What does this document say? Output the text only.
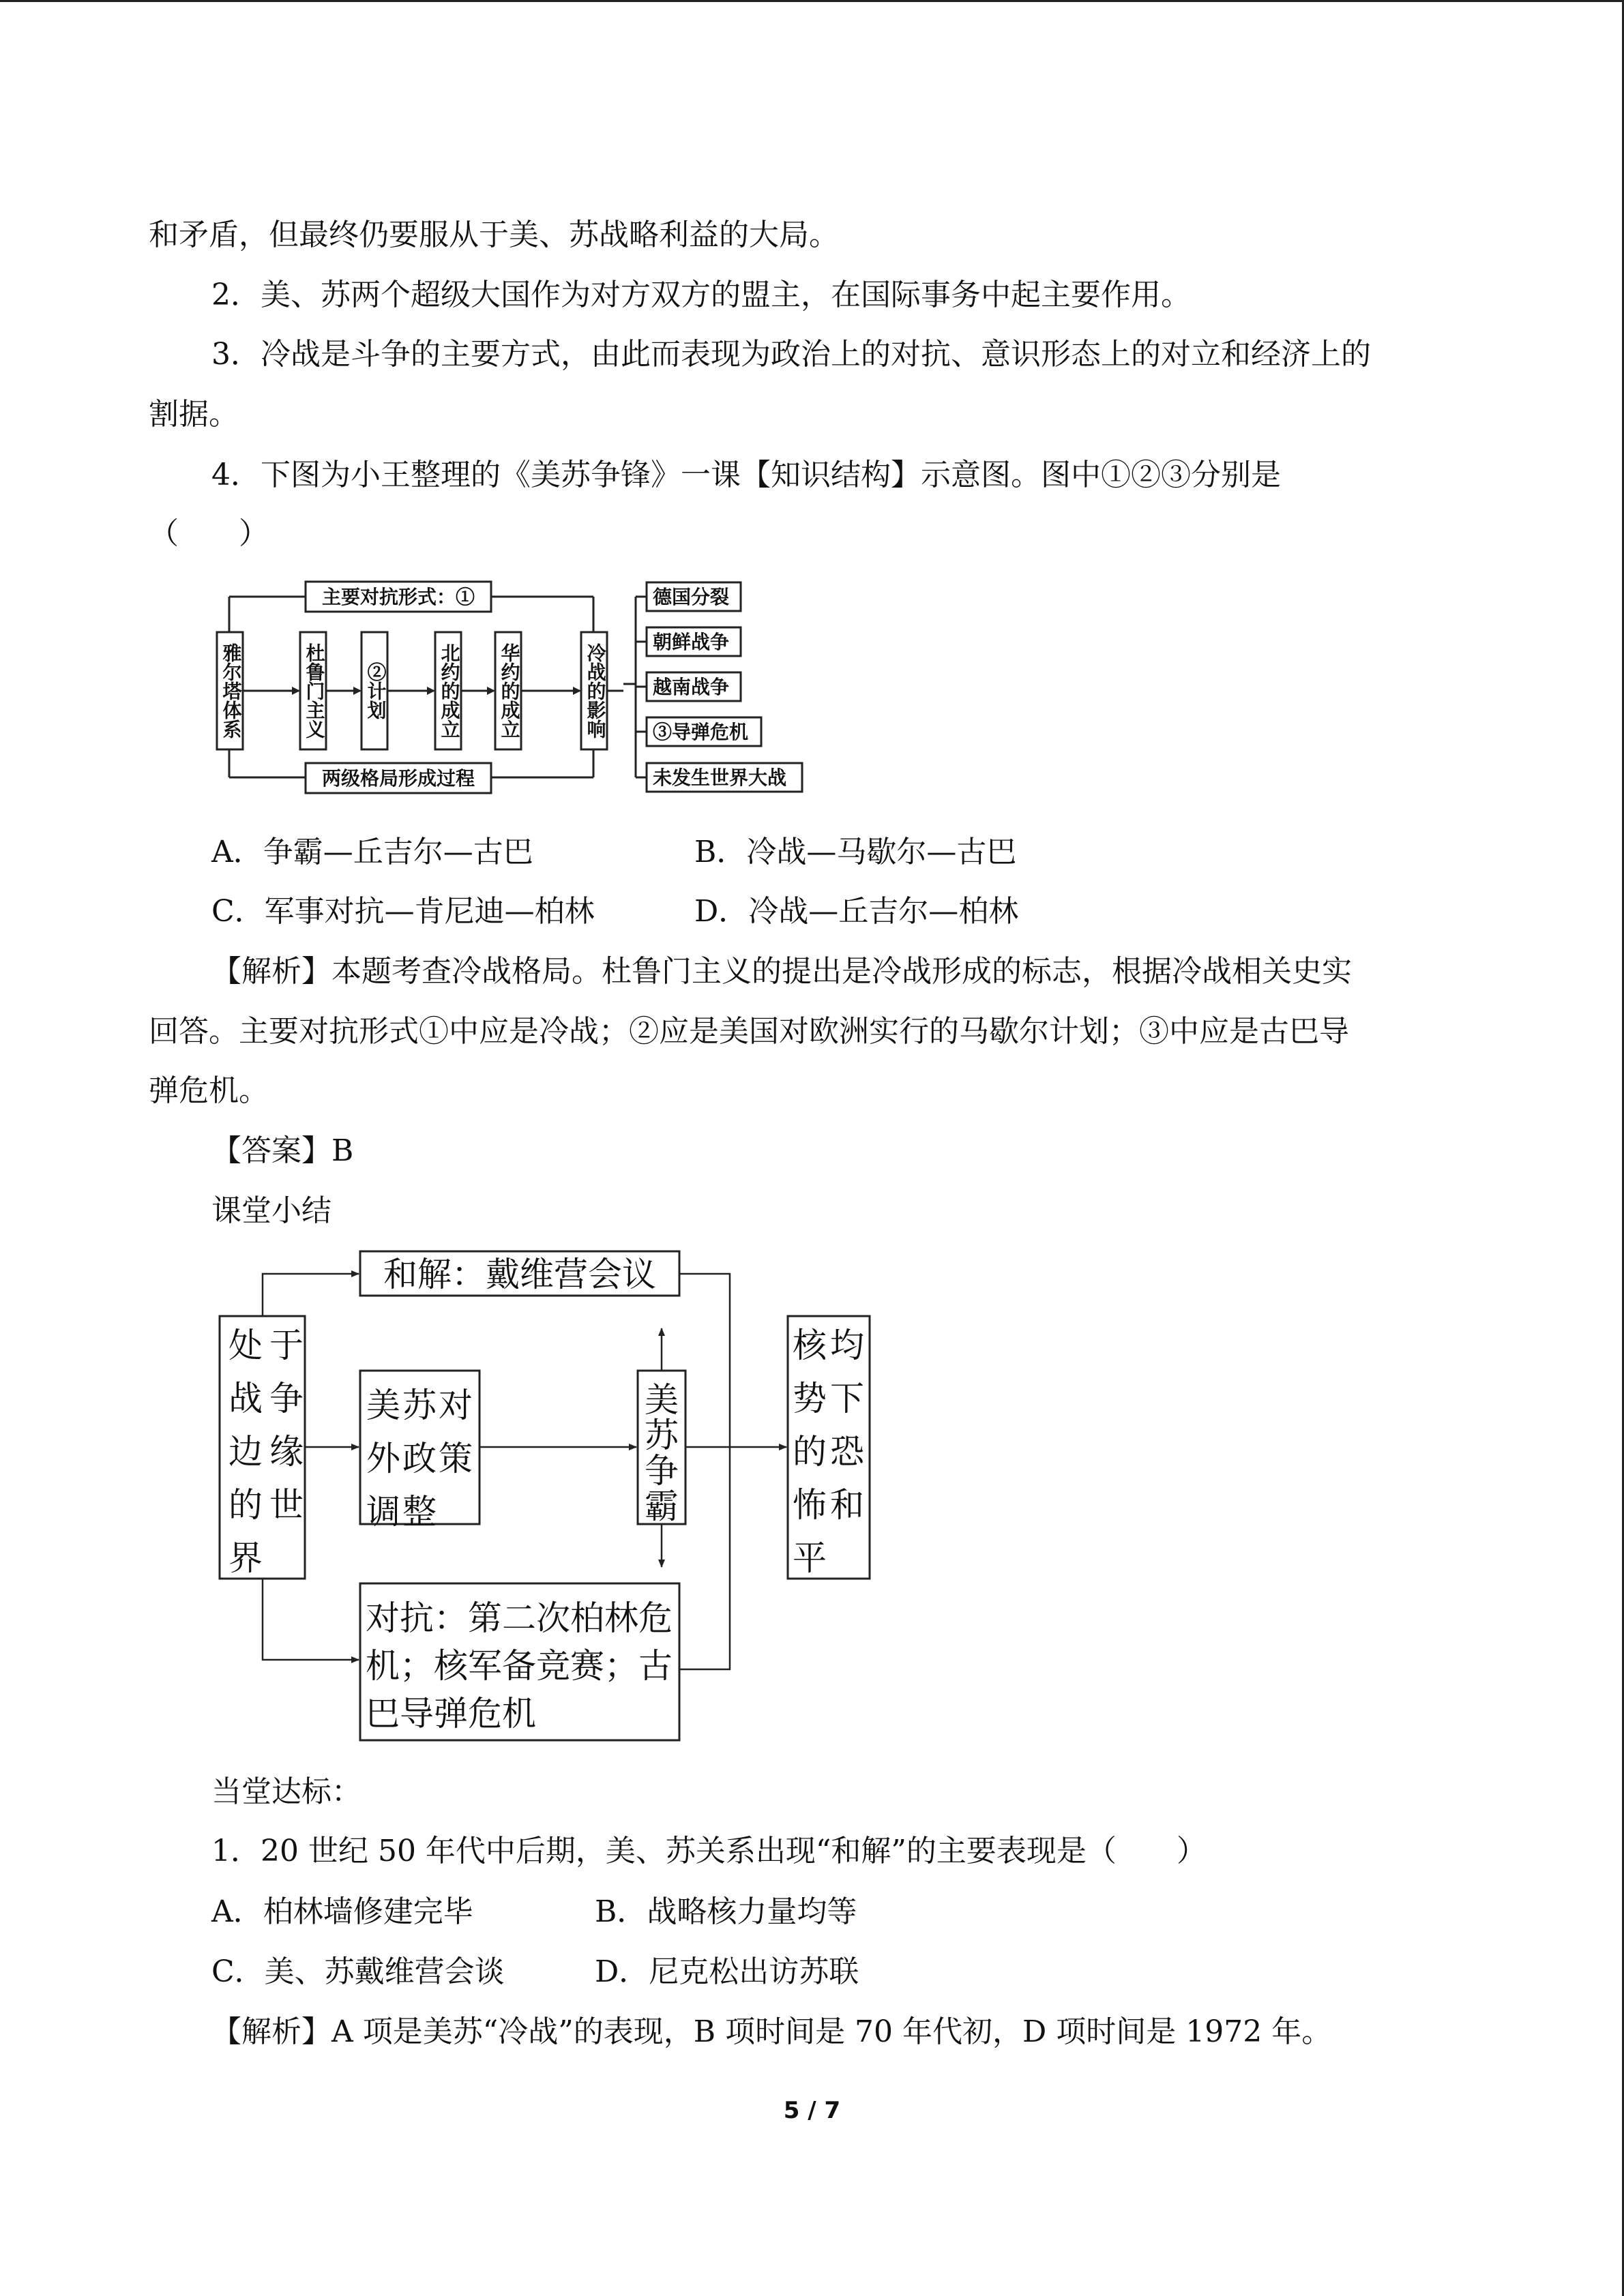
和矛盾，但最终仍要服从于美、苏战略利益的大局。
2．美、苏两个超级大国作为对方双方的盟主，在国际事务中起主要作用。
3．冷战是斗争的主要方式，由此而表现为政治上的对抗、意识形态上的对立和经济上的
割据。
4．下图为小王整理的《美苏争锋》一课【知识结构】示意图。图中①②③分别是
（　　）
主要对抗形式：①
两级格局形成过程
雅尔塔体系	杜鲁门主义 ②计划	北约的成立 华约的成立	冷战的影响
德国分裂
朝鲜战争
越南战争
③导弹危机
未发生世界大战
A．争霸—丘吉尔—古巴	B．冷战—马歇尔—古巴
C．军事对抗—肯尼迪—柏林	D．冷战—丘吉尔—柏林
【解析】本题考查冷战格局。杜鲁门主义的提出是冷战形成的标志，根据冷战相关史实
回答。主要对抗形式①中应是冷战；②应是美国对欧洲实行的马歇尔计划；③中应是古巴导
弹危机。
【答案】B
课堂小结
处 于
战 争
边 缘
的 世
界
美 苏 对
外 政 策
调 整
美
苏
争
霸
和解：戴维营会议
对抗：第二次柏林危
机；核军备竞赛；古
巴导弹危机
核 均
势 下
的 恐
怖 和
平
当堂达标：
1．20 世纪 50 年代中后期，美、苏关系出现“和解”的主要表现是（　　）
A．柏林墙修建完毕	B．战略核力量均等
C．美、苏戴维营会谈	D．尼克松出访苏联
【解析】A 项是美苏“冷战”的表现，B 项时间是 70 年代初，D 项时间是 1972 年。
5 / 7
